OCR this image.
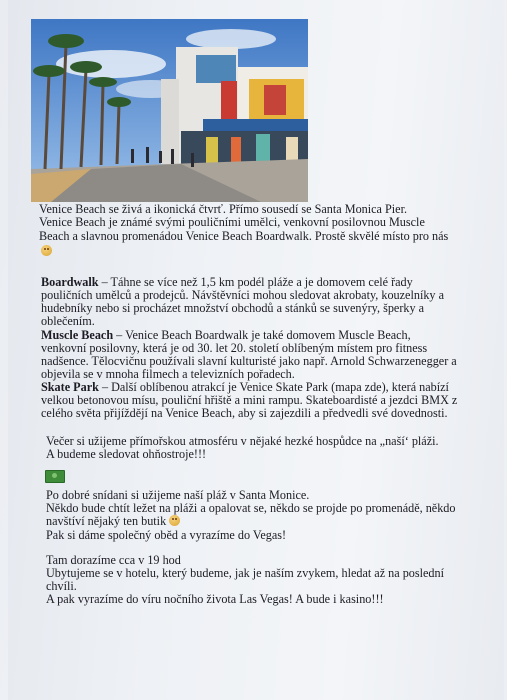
Venice Beach se živá a ikonická čtvrť. Přímo sousedí se Santa Monica Pier.
Venice Beach je známé svými pouličními umělci, venkovní posilovnou Muscle
Beach a slavnou promenádou Venice Beach Boardwalk. Prostě skvělé místo pro nás
Boardwalk – Táhne se více než 1,5 km podél pláže a je domovem celé řady
pouličních umělců a prodejců. Návštěvníci mohou sledovat akrobaty, kouzelníky a
hudebníky nebo si procházet množství obchodů a stánků se suvenýry, šperky a
oblečením.
Muscle Beach – Venice Beach Boardwalk je také domovem Muscle Beach,
venkovní posilovny, která je od 30. let 20. století oblíbeným místem pro fitness
nadšence. Tělocvičnu používali slavní kulturisté jako např. Arnold Schwarzenegger a
objevila se v mnoha filmech a televizních pořadech.
Skate Park – Další oblíbenou atrakcí je Venice Skate Park (mapa zde), která nabízí
velkou betonovou mísu, pouliční hřiště a mini rampu. Skateboardisté a jezdci BMX z
celého světa přijíždějí na Venice Beach, aby si zajezdili a předvedli své dovednosti.
Večer si užijeme přímořskou atmosféru v nějaké hezké hospůdce na „naší‘ pláži.
A budeme sledovat ohňostroje!!!
Po dobré snídani si užijeme naší pláž v Santa Monice.
Někdo bude chtít ležet na pláži a opalovat se, někdo se projde po promenádě, někdo
navštíví nějaký ten butik
Pak si dáme společný oběd a vyrazíme do Vegas!
Tam dorazíme cca v 19 hod
Ubytujeme se v hotelu, který budeme, jak je naším zvykem, hledat až na poslední
chvíli.
A pak vyrazíme do víru nočního života Las Vegas! A bude i kasino!!!
